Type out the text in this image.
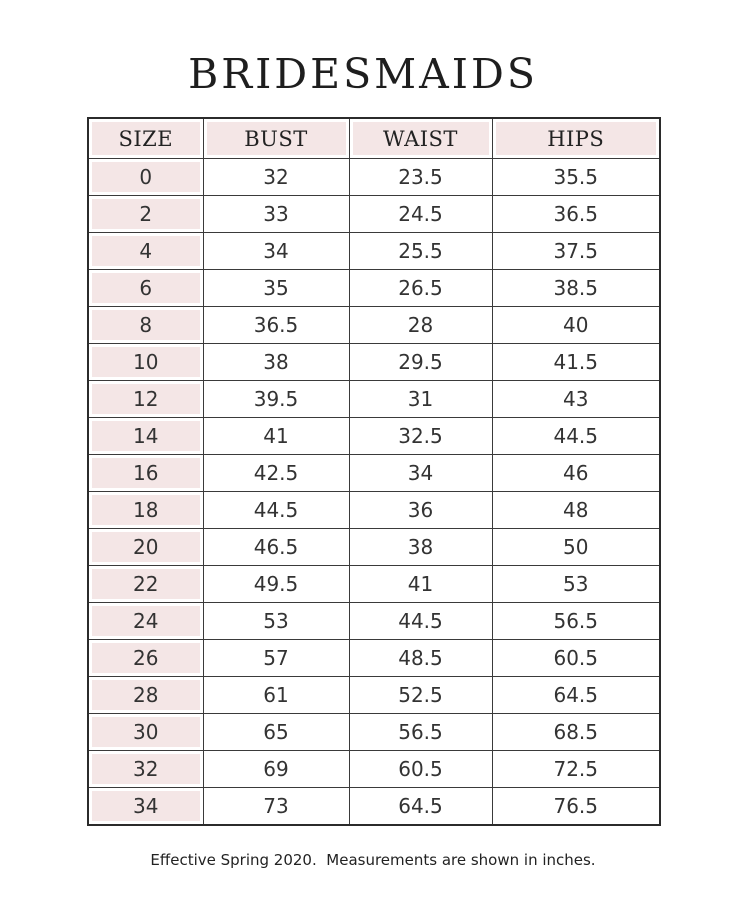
BRIDESMAIDS
SIZE	BUST	WAIST	HIPS
0	32	23.5	35.5
2	33	24.5	36.5
4	34	25.5	37.5
6	35	26.5	38.5
8	36.5	28	40
10	38	29.5	41.5
12	39.5	31	43
14	41	32.5	44.5
16	42.5	34	46
18	44.5	36	48
20	46.5	38	50
22	49.5	41	53
24	53	44.5	56.5
26	57	48.5	60.5
28	61	52.5	64.5
30	65	56.5	68.5
32	69	60.5	72.5
34	73	64.5	76.5
Effective Spring 2020.  Measurements are shown in inches.
